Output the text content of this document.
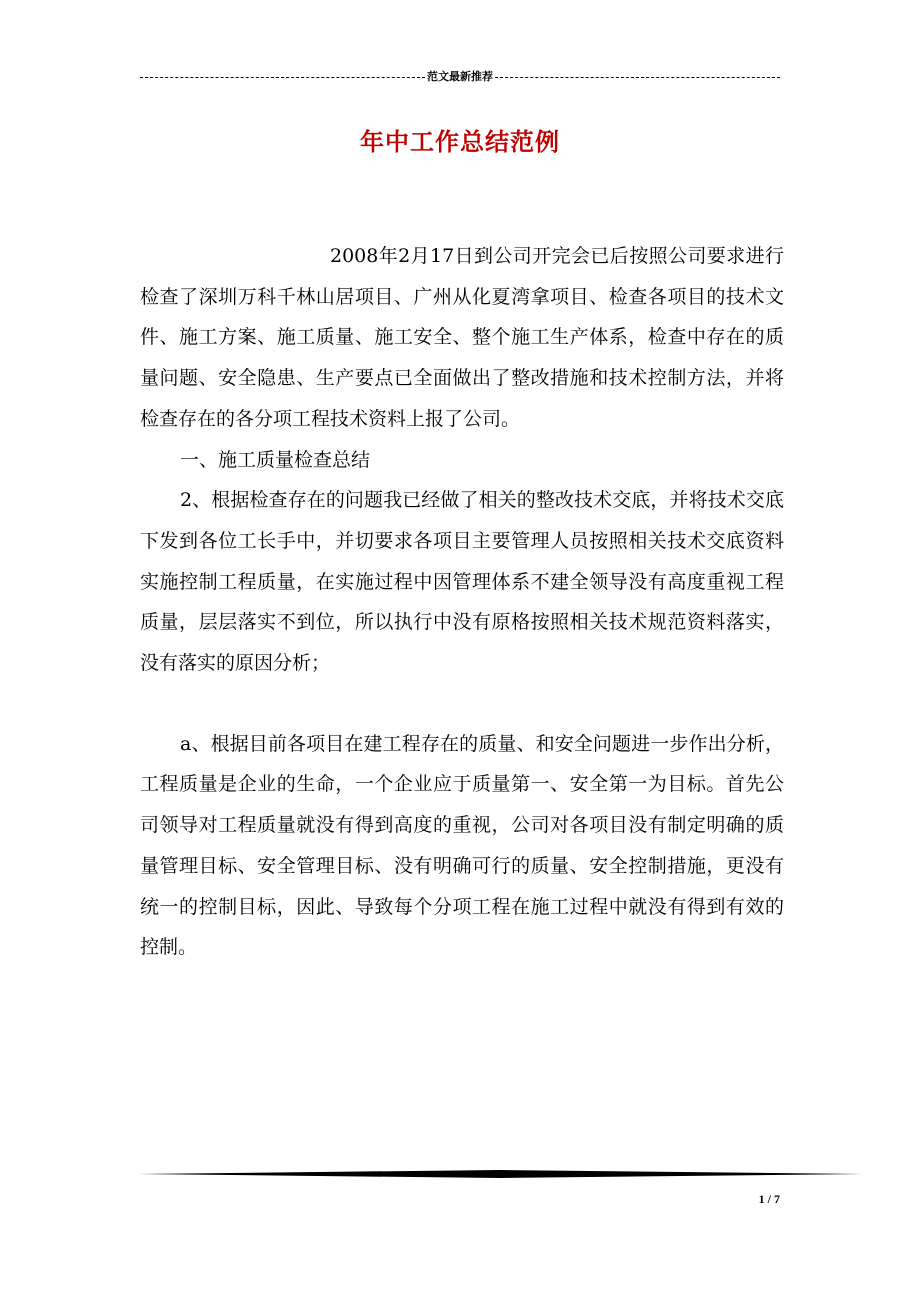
范文最新推荐
年中工作总结范例

2008年2月17日到公司开完会已后按照公司要求进行检查了深圳万科千林山居项目、广州从化夏湾拿项目、检查各项目的技术文件、施工方案、施工质量、施工安全、整个施工生产体系，检查中存在的质量问题、安全隐患、生产要点已全面做出了整改措施和技术控制方法，并将检查存在的各分项工程技术资料上报了公司。

一、施工质量检查总结

2、根据检查存在的问题我已经做了相关的整改技术交底，并将技术交底下发到各位工长手中，并切要求各项目主要管理人员按照相关技术交底资料实施控制工程质量，在实施过程中因管理体系不建全领导没有高度重视工程质量，层层落实不到位，所以执行中没有原格按照相关技术规范资料落实，没有落实的原因分析；

a、根据目前各项目在建工程存在的质量、和安全问题进一步作出分析，工程质量是企业的生命，一个企业应于质量第一、安全第一为目标。首先公司领导对工程质量就没有得到高度的重视，公司对各项目没有制定明确的质量管理目标、安全管理目标、没有明确可行的质量、安全控制措施，更没有统一的控制目标，因此、导致每个分项工程在施工过程中就没有得到有效的控制。

1 / 7
